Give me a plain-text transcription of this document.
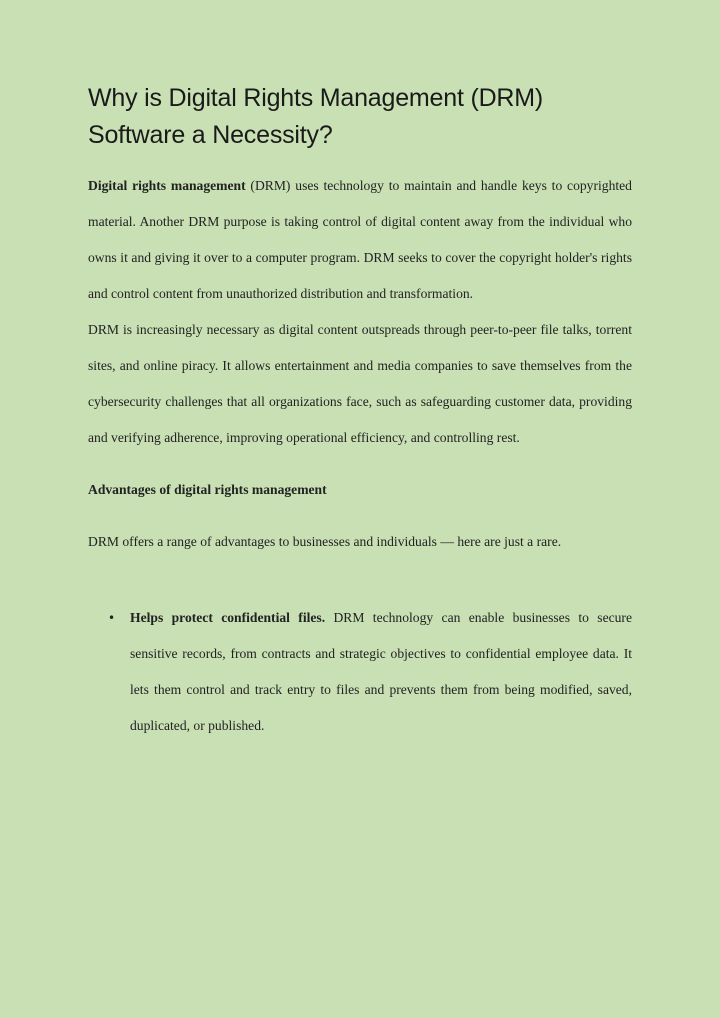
Why is Digital Rights Management (DRM) Software a Necessity?

Digital rights management (DRM) uses technology to maintain and handle keys to copyrighted material. Another DRM purpose is taking control of digital content away from the individual who owns it and giving it over to a computer program. DRM seeks to cover the copyright holder's rights and control content from unauthorized distribution and transformation.

DRM is increasingly necessary as digital content outspreads through peer-to-peer file talks, torrent sites, and online piracy. It allows entertainment and media companies to save themselves from the cybersecurity challenges that all organizations face, such as safeguarding customer data, providing and verifying adherence, improving operational efficiency, and controlling rest.

Advantages of digital rights management

DRM offers a range of advantages to businesses and individuals — here are just a rare.

• Helps protect confidential files. DRM technology can enable businesses to secure sensitive records, from contracts and strategic objectives to confidential employee data. It lets them control and track entry to files and prevents them from being modified, saved, duplicated, or published.
